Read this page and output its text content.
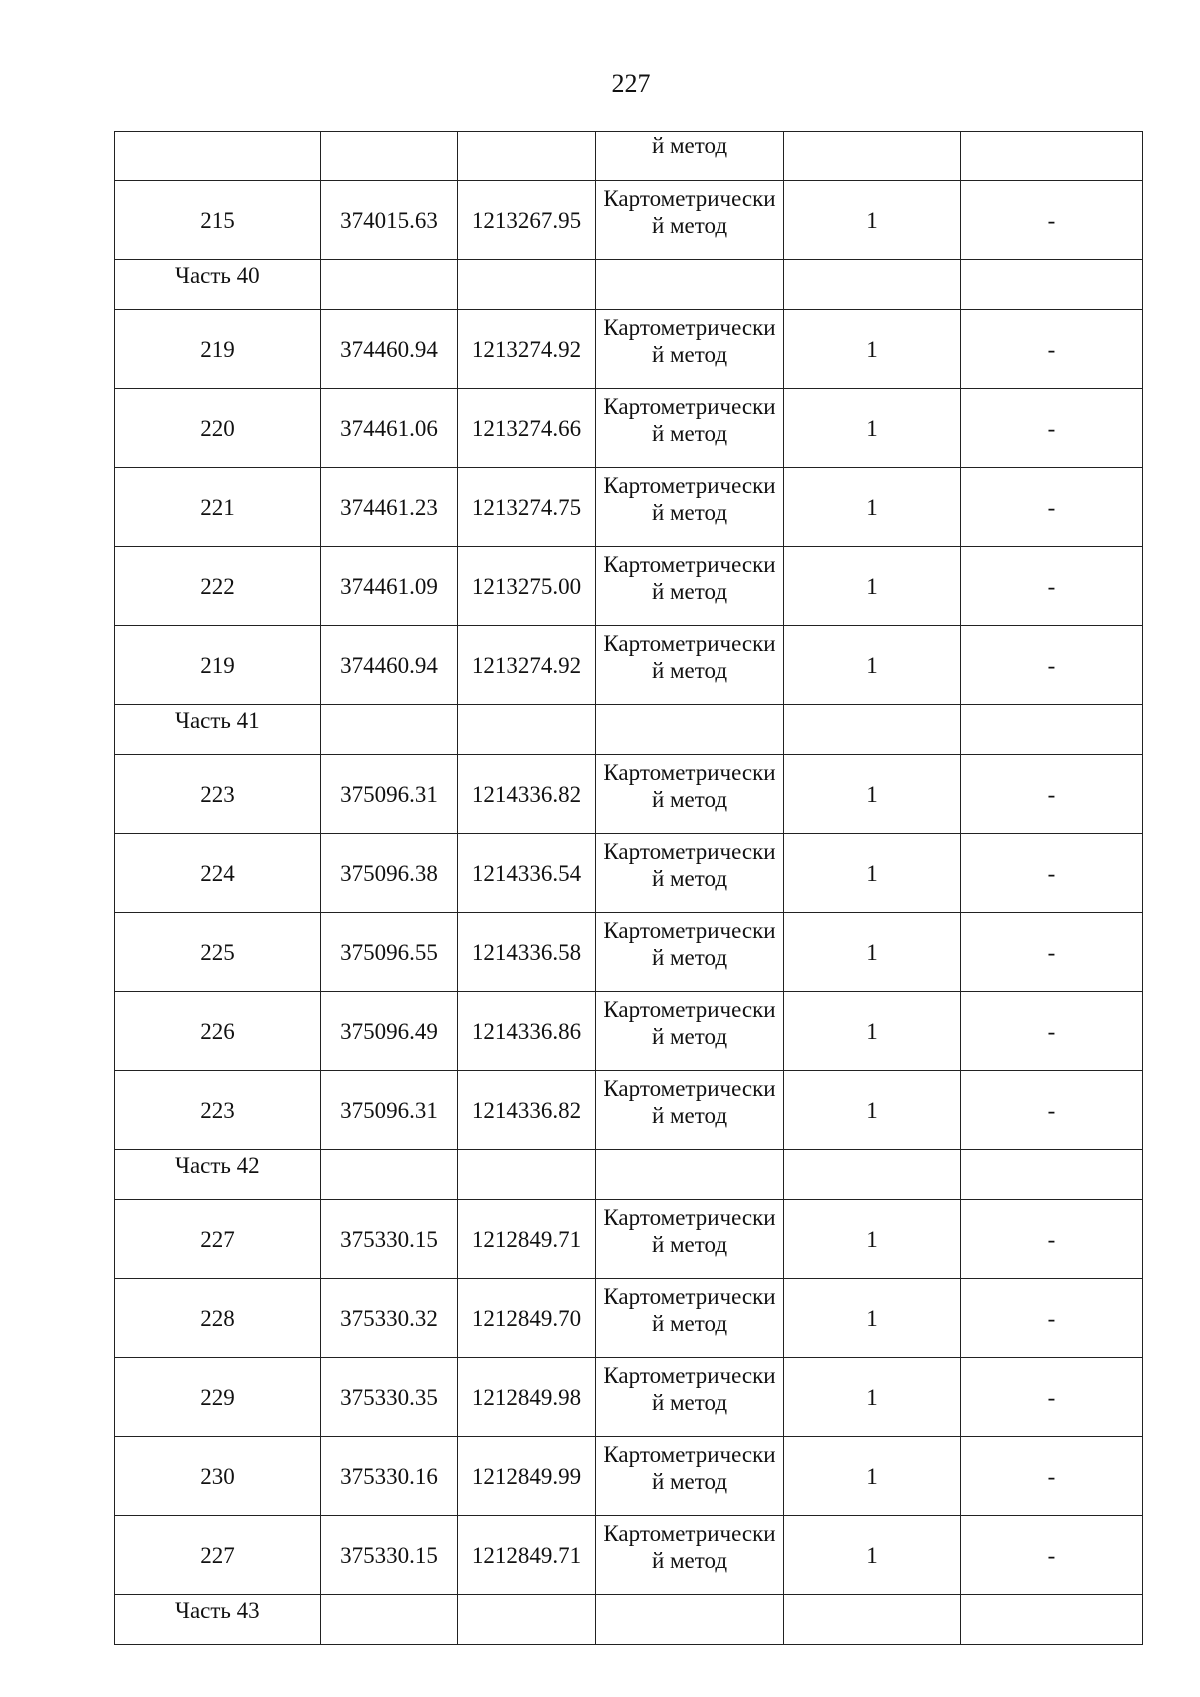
227

			й метод		

215	374015.63	1213267.95	Картометрически
й метод	1	-
Часть 40					
219	374460.94	1213274.92	Картометрически
й метод	1	-
220	374461.06	1213274.66	Картометрически
й метод	1	-
221	374461.23	1213274.75	Картометрически
й метод	1	-
222	374461.09	1213275.00	Картометрически
й метод	1	-
219	374460.94	1213274.92	Картометрически
й метод	1	-
Часть 41					
223	375096.31	1214336.82	Картометрически
й метод	1	-
224	375096.38	1214336.54	Картометрически
й метод	1	-
225	375096.55	1214336.58	Картометрически
й метод	1	-
226	375096.49	1214336.86	Картометрически
й метод	1	-
223	375096.31	1214336.82	Картометрически
й метод	1	-
Часть 42					
227	375330.15	1212849.71	Картометрически
й метод	1	-
228	375330.32	1212849.70	Картометрически
й метод	1	-
229	375330.35	1212849.98	Картометрически
й метод	1	-
230	375330.16	1212849.99	Картометрически
й метод	1	-
227	375330.15	1212849.71	Картометрически
й метод	1	-
Часть 43					
